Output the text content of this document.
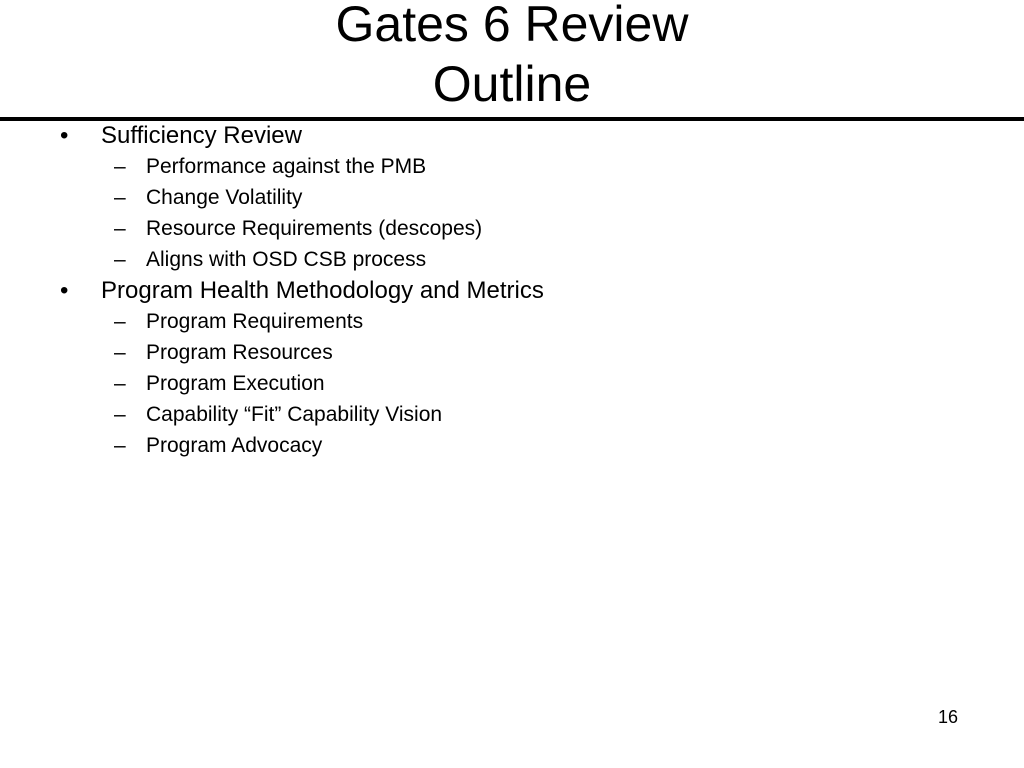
Gates 6 Review
Outline
• Sufficiency Review
– Performance against the PMB
– Change Volatility
– Resource Requirements (descopes)
– Aligns with OSD CSB process
• Program Health Methodology and Metrics
– Program Requirements
– Program Resources
– Program Execution
– Capability “Fit” Capability Vision
– Program Advocacy
16
